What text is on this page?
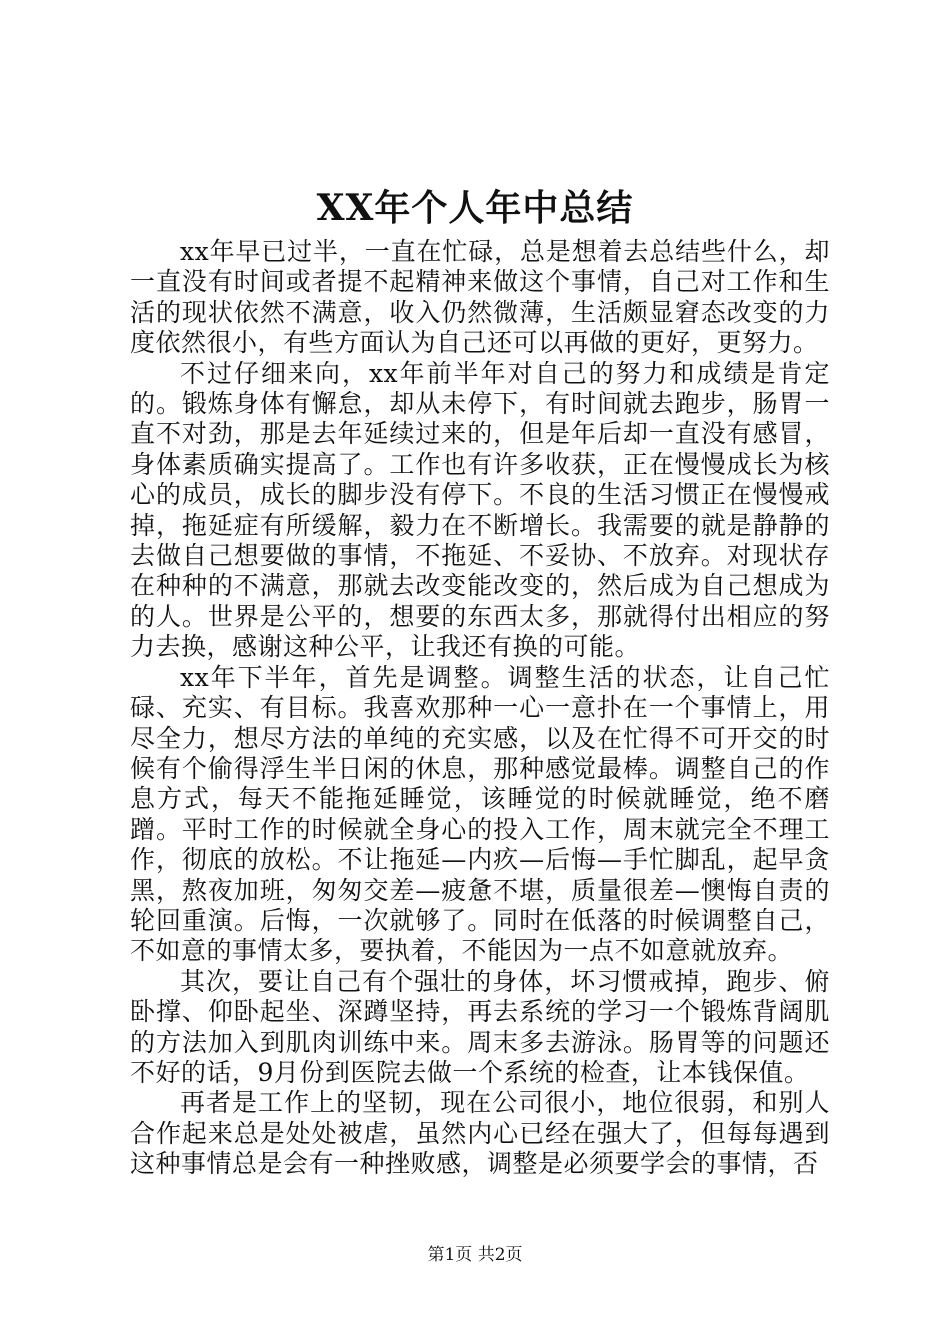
XX年个人年中总结

xx年早已过半，一直在忙碌，总是想着去总结些什么，却一直没有时间或者提不起精神来做这个事情，自己对工作和生活的现状依然不满意，收入仍然微薄，生活颇显窘态改变的力度依然很小，有些方面认为自己还可以再做的更好，更努力。

不过仔细来向，xx年前半年对自己的努力和成绩是肯定的。锻炼身体有懈怠，却从未停下，有时间就去跑步，肠胃一直不对劲，那是去年延续过来的，但是年后却一直没有感冒，身体素质确实提高了。工作也有许多收获，正在慢慢成长为核心的成员，成长的脚步没有停下。不良的生活习惯正在慢慢戒掉，拖延症有所缓解，毅力在不断增长。我需要的就是静静的去做自己想要做的事情，不拖延、不妥协、不放弃。对现状存在种种的不满意，那就去改变能改变的，然后成为自己想成为的人。世界是公平的，想要的东西太多，那就得付出相应的努力去换，感谢这种公平，让我还有换的可能。

xx年下半年，首先是调整。调整生活的状态，让自己忙碌、充实、有目标。我喜欢那种一心一意扑在一个事情上，用尽全力，想尽方法的单纯的充实感，以及在忙得不可开交的时候有个偷得浮生半日闲的休息，那种感觉最棒。调整自己的作息方式，每天不能拖延睡觉，该睡觉的时候就睡觉，绝不磨蹭。平时工作的时候就全身心的投入工作，周末就完全不理工作，彻底的放松。不让拖延—内疚—后悔—手忙脚乱，起早贪黑，熬夜加班，匆匆交差—疲惫不堪，质量很差—懊悔自责的轮回重演。后悔，一次就够了。同时在低落的时候调整自己，不如意的事情太多，要执着，不能因为一点不如意就放弃。

其次，要让自己有个强壮的身体，坏习惯戒掉，跑步、俯卧撑、仰卧起坐、深蹲坚持，再去系统的学习一个锻炼背阔肌的方法加入到肌肉训练中来。周末多去游泳。肠胃等的问题还不好的话，9月份到医院去做一个系统的检查，让本钱保值。

再者是工作上的坚韧，现在公司很小，地位很弱，和别人合作起来总是处处被虐，虽然内心已经在强大了，但每每遇到这种事情总是会有一种挫败感，调整是必须要学会的事情，否

第1页 共2页
